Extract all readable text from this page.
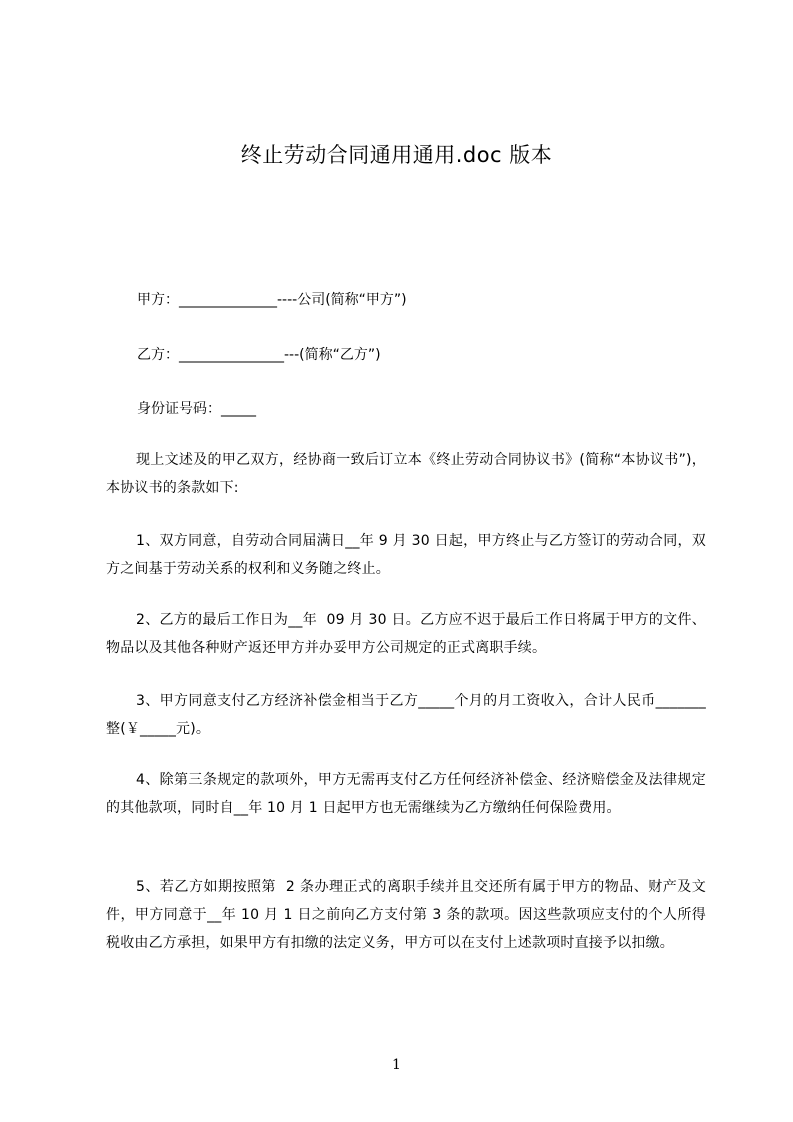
终止劳动合同通用通用.doc 版本
甲方：______________----公司(简称“甲方”)
乙方：_______________---(简称“乙方”)
身份证号码：_____
现上文述及的甲乙双方，经协商一致后订立本《终止劳动合同协议书》(简称“本协议书”)，本协议书的条款如下:
1、双方同意，自劳动合同届满日__年 9 月 30 日起，甲方终止与乙方签订的劳动合同，双方之间基于劳动关系的权利和义务随之终止。
2、乙方的最后工作日为__年  09 月 30 日。乙方应不迟于最后工作日将属于甲方的文件、物品以及其他各种财产返还甲方并办妥甲方公司规定的正式离职手续。
3、甲方同意支付乙方经济补偿金相当于乙方_____个月的月工资收入，合计人民币_______整(￥_____元)。
4、除第三条规定的款项外，甲方无需再支付乙方任何经济补偿金、经济赔偿金及法律规定的其他款项，同时自__年 10 月 1 日起甲方也无需继续为乙方缴纳任何保险费用。
5、若乙方如期按照第  2 条办理正式的离职手续并且交还所有属于甲方的物品、财产及文件，甲方同意于__年 10 月 1 日之前向乙方支付第 3 条的款项。因这些款项应支付的个人所得税收由乙方承担，如果甲方有扣缴的法定义务，甲方可以在支付上述款项时直接予以扣缴。
1
